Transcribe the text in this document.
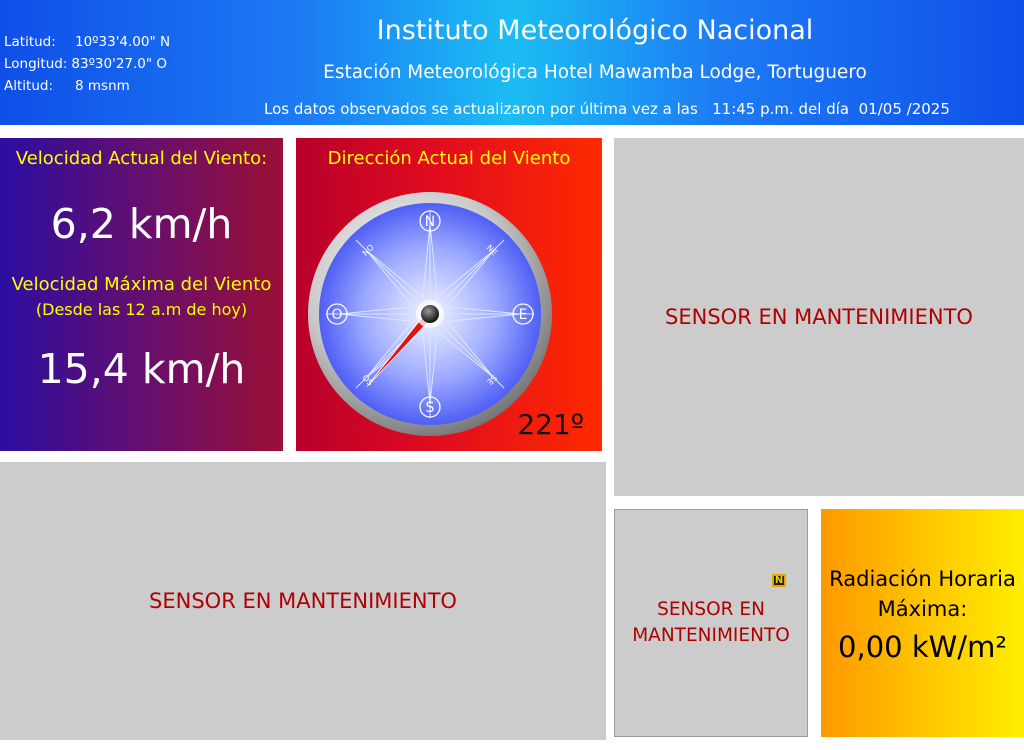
Latitud:	10º33'4.00" N
Longitud: 83º30'27.0" O
Altitud:	8 msnm
Instituto Meteorológico Nacional
Estación Meteorológica Hotel Mawamba Lodge, Tortuguero
Los datos observados se actualizaron por última vez a las   11:45 p.m. del día  01/05 /2025
Velocidad Actual del Viento:
6,2 km/h
Velocidad Máxima del Viento
(Desde las 12 a.m de hoy)
15,4 km/h
Dirección Actual del Viento
N
S
E
O
NE
NO
SE
SO
221º
SENSOR EN MANTENIMIENTO
SENSOR EN MANTENIMIENTO	SENSOR EN MANTENIMIENTO
N	Radiación Horaria
Máxima:
0,00 kW/m²
